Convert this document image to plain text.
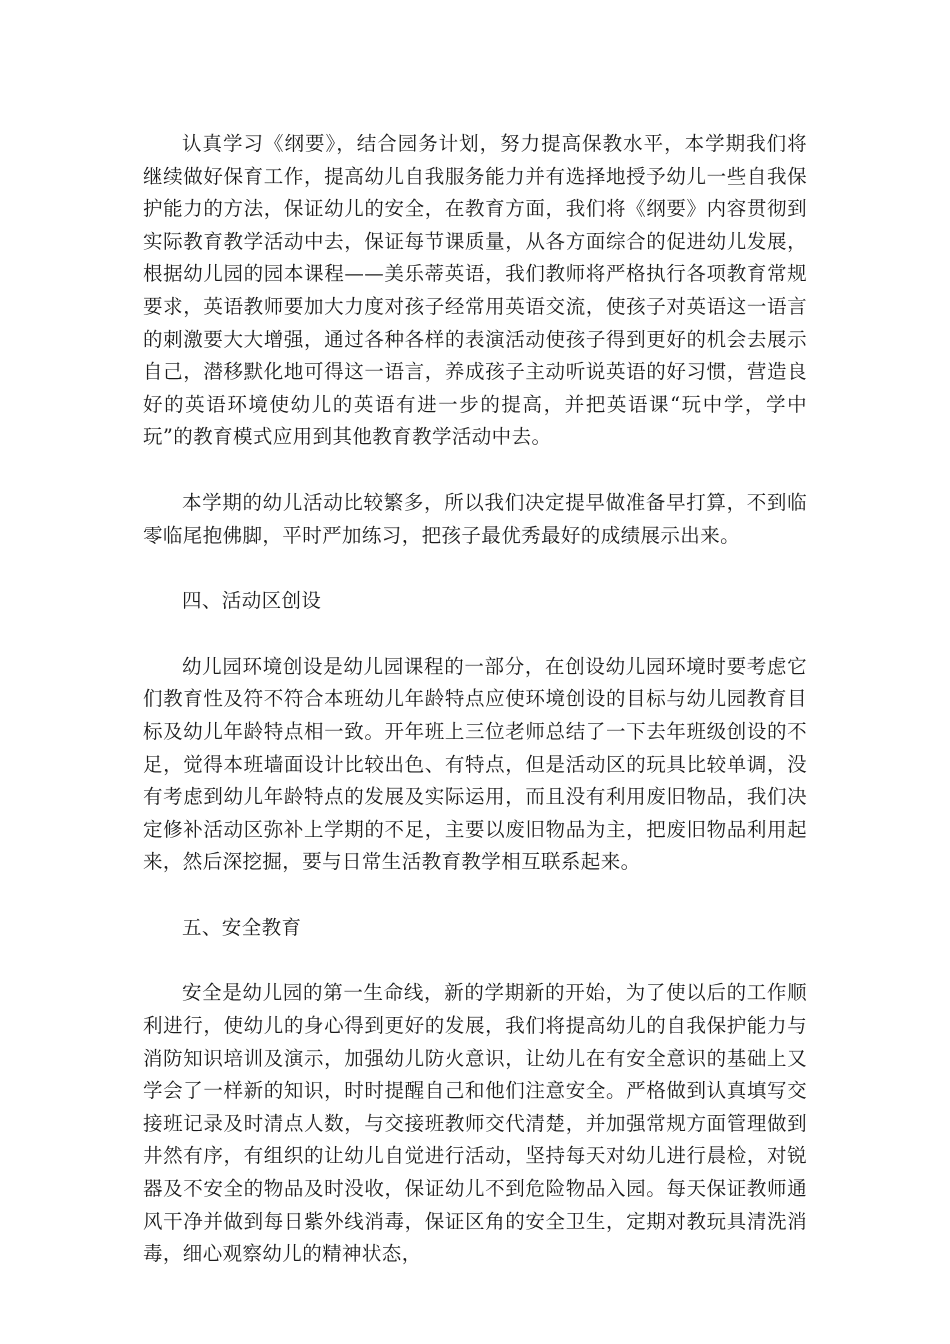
认真学习《纲要》，结合园务计划，努力提高保教水平，本学期我们将继续做好保育工作，提高幼儿自我服务能力并有选择地授予幼儿一些自我保护能力的方法，保证幼儿的安全，在教育方面，我们将《纲要》内容贯彻到实际教育教学活动中去，保证每节课质量，从各方面综合的促进幼儿发展，根据幼儿园的园本课程——美乐蒂英语，我们教师将严格执行各项教育常规要求，英语教师要加大力度对孩子经常用英语交流，使孩子对英语这一语言的刺激要大大增强，通过各种各样的表演活动使孩子得到更好的机会去展示自己，潜移默化地可得这一语言，养成孩子主动听说英语的好习惯，营造良好的英语环境使幼儿的英语有进一步的提高，并把英语课“玩中学，学中玩”的教育模式应用到其他教育教学活动中去。

本学期的幼儿活动比较繁多，所以我们决定提早做准备早打算，不到临零临尾抱佛脚，平时严加练习，把孩子最优秀最好的成绩展示出来。

四、活动区创设

幼儿园环境创设是幼儿园课程的一部分，在创设幼儿园环境时要考虑它们教育性及符不符合本班幼儿年龄特点应使环境创设的目标与幼儿园教育目标及幼儿年龄特点相一致。开年班上三位老师总结了一下去年班级创设的不足，觉得本班墙面设计比较出色、有特点，但是活动区的玩具比较单调，没有考虑到幼儿年龄特点的发展及实际运用，而且没有利用废旧物品，我们决定修补活动区弥补上学期的不足，主要以废旧物品为主，把废旧物品利用起来，然后深挖掘，要与日常生活教育教学相互联系起来。

五、安全教育

安全是幼儿园的第一生命线，新的学期新的开始，为了使以后的工作顺利进行，使幼儿的身心得到更好的发展，我们将提高幼儿的自我保护能力与消防知识培训及演示，加强幼儿防火意识，让幼儿在有安全意识的基础上又学会了一样新的知识，时时提醒自己和他们注意安全。严格做到认真填写交接班记录及时清点人数，与交接班教师交代清楚，并加强常规方面管理做到井然有序，有组织的让幼儿自觉进行活动，坚持每天对幼儿进行晨检，对锐器及不安全的物品及时没收，保证幼儿不到危险物品入园。每天保证教师通风干净并做到每日紫外线消毒，保证区角的安全卫生，定期对教玩具清洗消毒，细心观察幼儿的精神状态，
